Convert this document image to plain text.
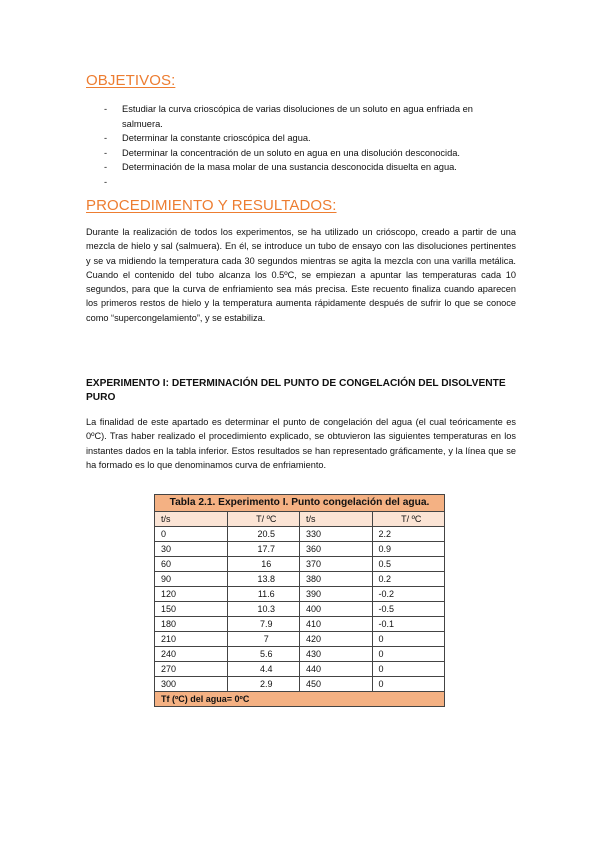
OBJETIVOS:
- Estudiar la curva crioscópica de varias disoluciones de un soluto en agua enfriada en salmuera.
- Determinar la constante crioscópica del agua.
- Determinar la concentración de un soluto en agua en una disolución desconocida.
- Determinación de la masa molar de una sustancia desconocida disuelta en agua.
-
PROCEDIMIENTO Y RESULTADOS:

Durante la realización de todos los experimentos, se ha utilizado un crióscopo, creado a partir de una mezcla de hielo y sal (salmuera). En él, se introduce un tubo de ensayo con las disoluciones pertinentes y se va midiendo la temperatura cada 30 segundos mientras se agita la mezcla con una varilla metálica. Cuando el contenido del tubo alcanza los 0.5ºC, se empiezan a apuntar las temperaturas cada 10 segundos, para que la curva de enfriamiento sea más precisa. Este recuento finaliza cuando aparecen los primeros restos de hielo y la temperatura aumenta rápidamente después de sufrir lo que se conoce como “supercongelamiento”, y se estabiliza.

EXPERIMENTO I: DETERMINACIÓN DEL PUNTO DE CONGELACIÓN DEL DISOLVENTE PURO

La finalidad de este apartado es determinar el punto de congelación del agua (el cual teóricamente es 0ºC). Tras haber realizado el procedimiento explicado, se obtuvieron las siguientes temperaturas en los instantes dados en la tabla inferior. Estos resultados se han representado gráficamente, y la línea que se ha formado es lo que denominamos curva de enfriamiento.

Tabla 2.1. Experimento I. Punto congelación del agua.			
t/s	T/ ºC	t/s	T/ ºC
0	20.5	330	2.2
30	17.7	360	0.9
60	16	370	0.5
90	13.8	380	0.2
120	11.6	390	-0.2
150	10.3	400	-0.5
180	7.9	410	-0.1
210	7	420	0
240	5.6	430	0
270	4.4	440	0
300	2.9	450	0
Tf (ºC) del agua= 0ºC			
